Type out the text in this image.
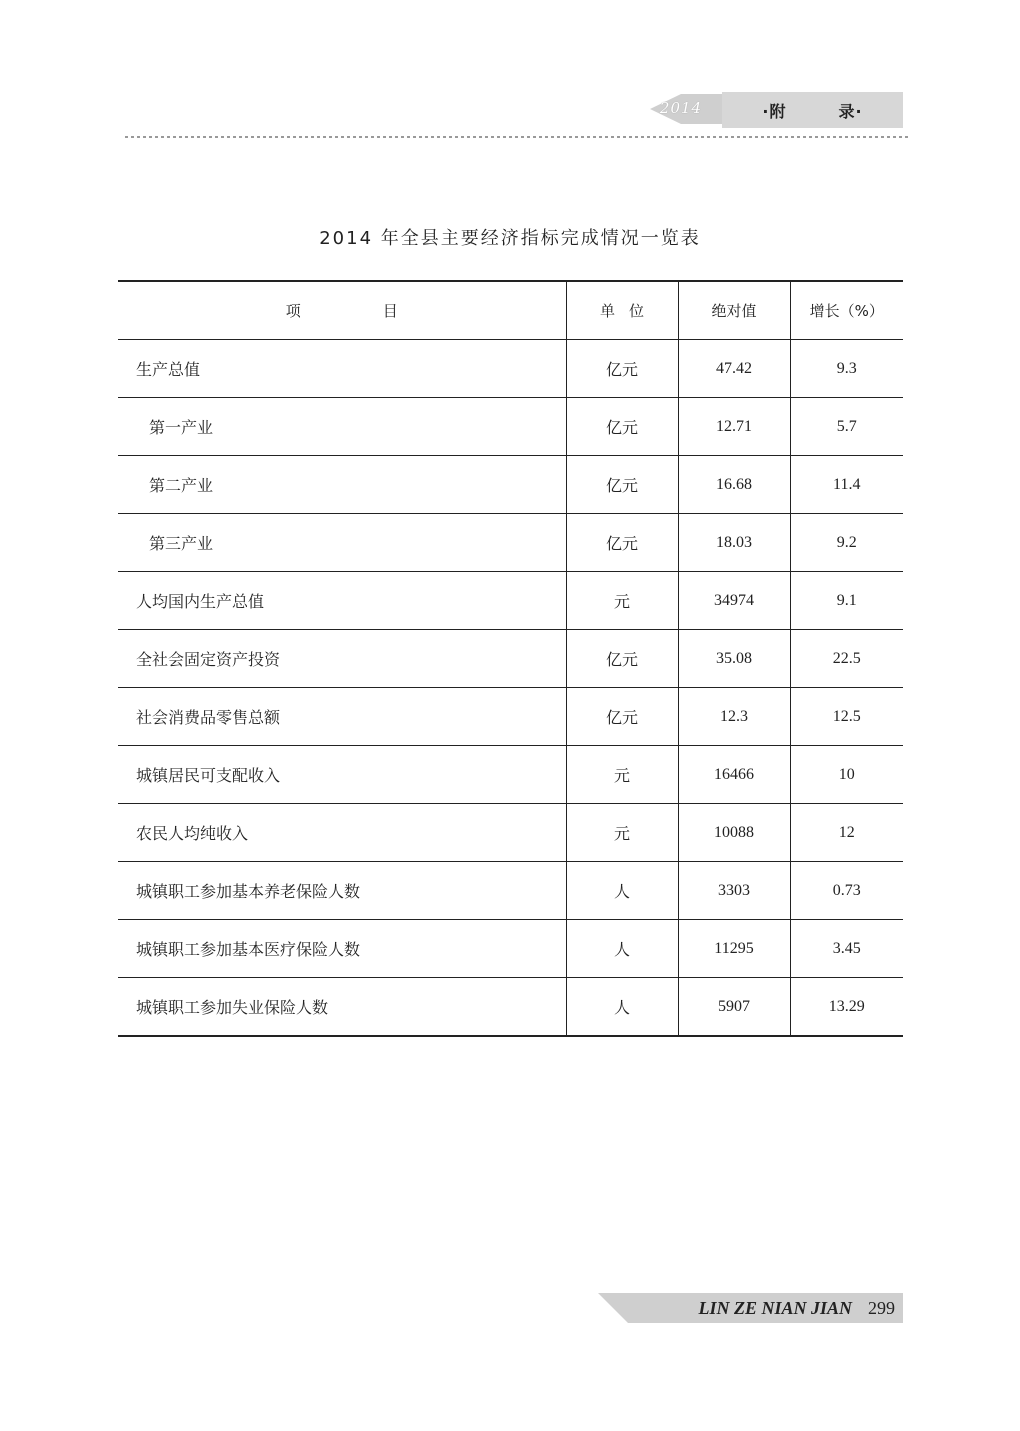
2014	·附	录·
2014 年全县主要经济指标完成情况一览表
项 目	单 位	绝对值	增长（%）
生产总值	亿元	47.42	9.3
第一产业	亿元	12.71	5.7
第二产业	亿元	16.68	11.4
第三产业	亿元	18.03	9.2
人均国内生产总值	元	34974	9.1
全社会固定资产投资	亿元	35.08	22.5
社会消费品零售总额	亿元	12.3	12.5
城镇居民可支配收入	元	16466	10
农民人均纯收入	元	10088	12
城镇职工参加基本养老保险人数	人	3303	0.73
城镇职工参加基本医疗保险人数	人	11295	3.45
城镇职工参加失业保险人数	人	5907	13.29
LIN ZE NIAN JIAN 299
